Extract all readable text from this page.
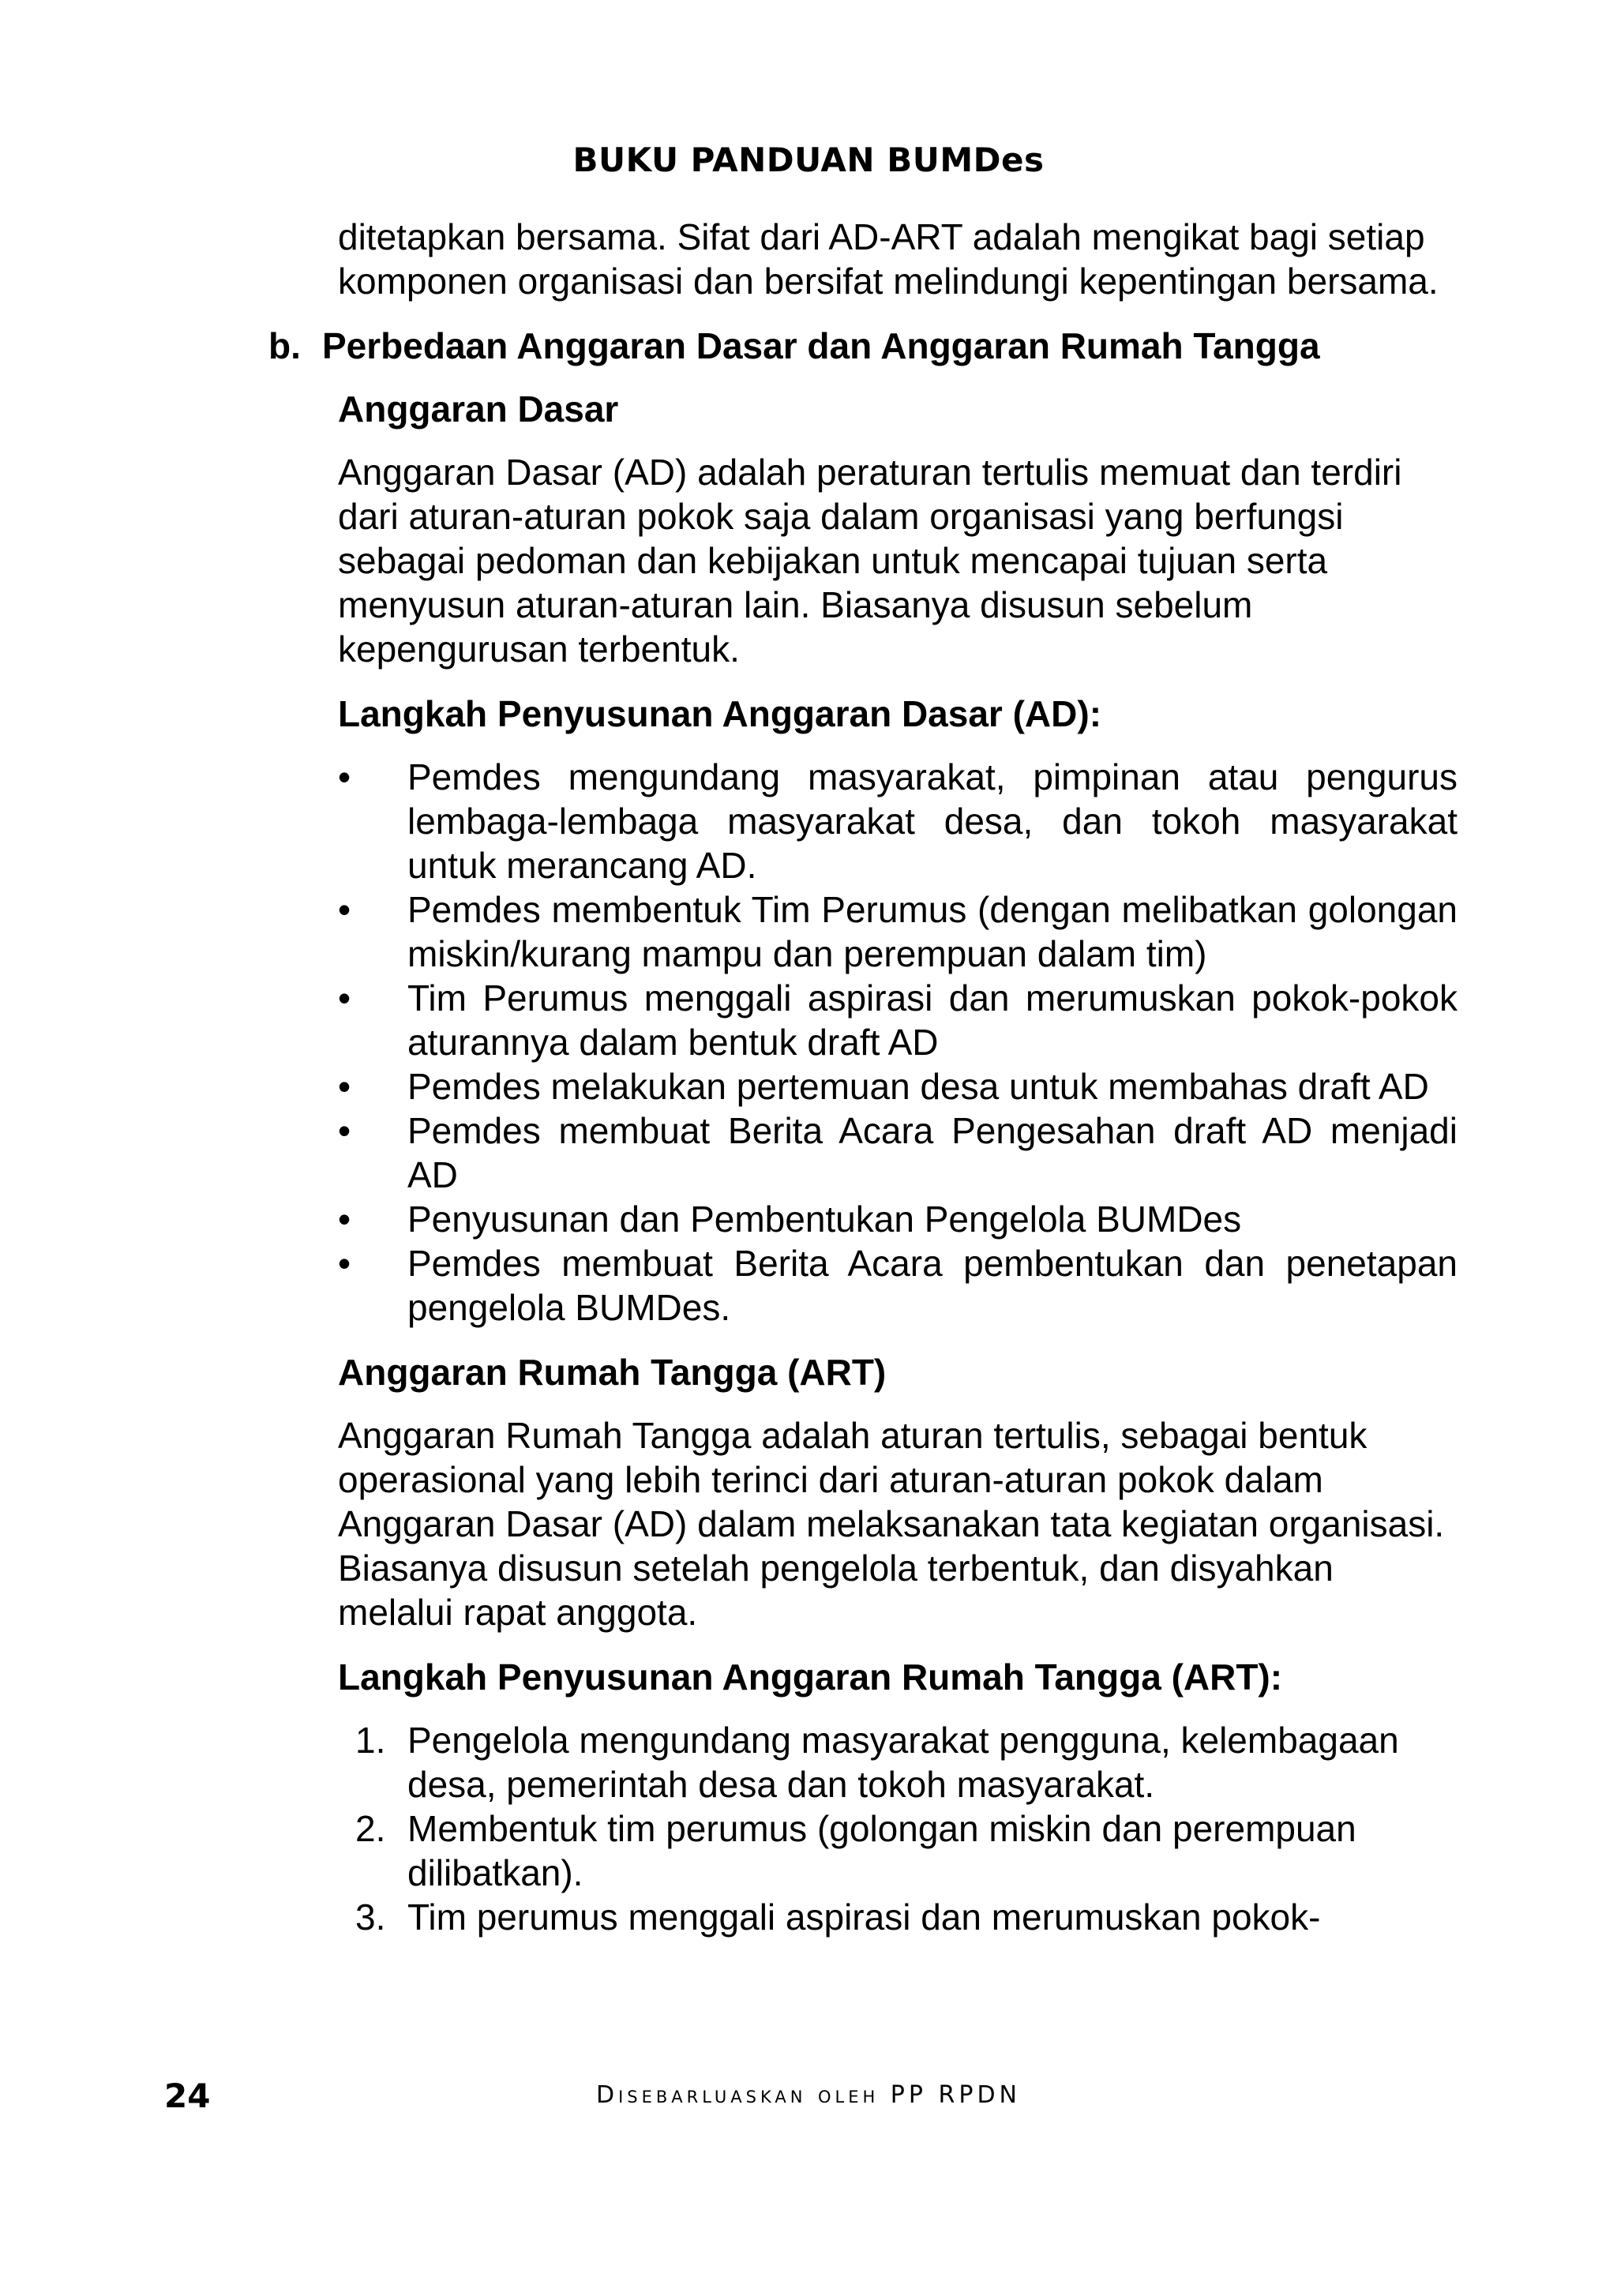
BUKU PANDUAN BUMDes

ditetapkan bersama. Sifat dari AD-ART adalah mengikat bagi setiap komponen organisasi dan bersifat melindungi kepentingan bersama.

b. Perbedaan Anggaran Dasar dan Anggaran Rumah Tangga
Anggaran Dasar

Anggaran Dasar (AD) adalah peraturan tertulis memuat dan terdiri dari aturan-aturan pokok saja dalam organisasi yang berfungsi sebagai pedoman dan kebijakan untuk mencapai tujuan serta menyusun aturan-aturan lain. Biasanya disusun sebelum kepengurusan terbentuk.

Langkah Penyusunan Anggaran Dasar (AD):
• Pemdes mengundang masyarakat, pimpinan atau pengurus lembaga-lembaga masyarakat desa, dan tokoh masyarakat untuk merancang AD.
• Pemdes membentuk Tim Perumus (dengan melibatkan golongan miskin/kurang mampu dan perempuan dalam tim)
• Tim Perumus menggali aspirasi dan merumuskan pokok-pokok aturannya dalam bentuk draft AD
• Pemdes melakukan pertemuan desa untuk membahas draft AD
• Pemdes membuat Berita Acara Pengesahan draft AD menjadi AD
• Penyusunan dan Pembentukan Pengelola BUMDes
• Pemdes membuat Berita Acara pembentukan dan penetapan pengelola BUMDes.
Anggaran Rumah Tangga (ART)

Anggaran Rumah Tangga adalah aturan tertulis, sebagai bentuk operasional yang lebih terinci dari aturan-aturan pokok dalam Anggaran Dasar (AD) dalam melaksanakan tata kegiatan organisasi. Biasanya disusun setelah pengelola terbentuk, dan disyahkan melalui rapat anggota.

Langkah Penyusunan Anggaran Rumah Tangga (ART):
1. Pengelola mengundang masyarakat pengguna, kelembagaan desa, pemerintah desa dan tokoh masyarakat.
2. Membentuk tim perumus (golongan miskin dan perempuan dilibatkan).
3. Tim perumus menggali aspirasi dan merumuskan pokok-
24	Disebarluaskan oleh PP RPDN
